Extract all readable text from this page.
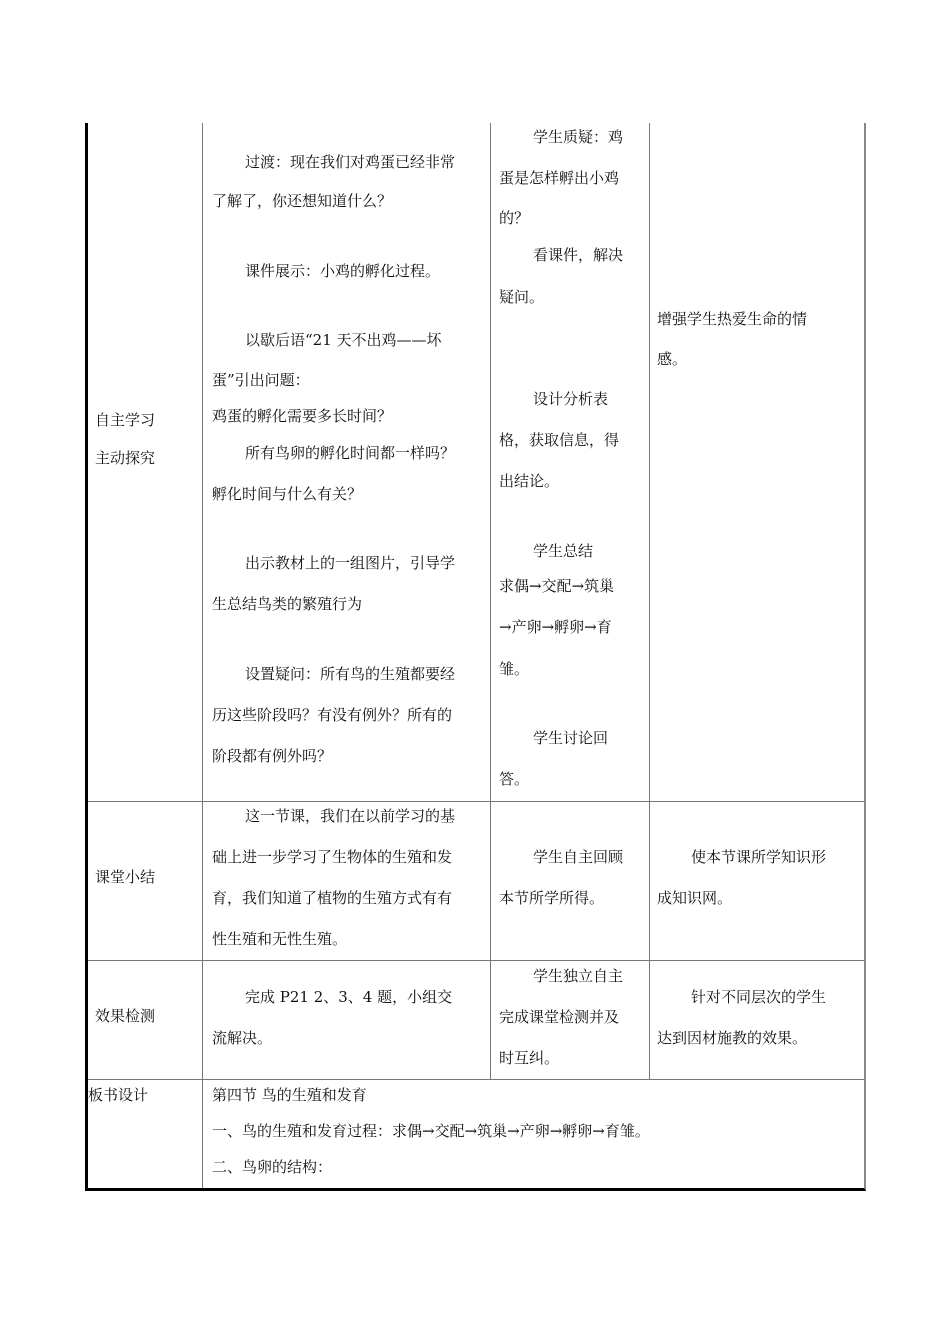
自主学习
主动探究
过渡：现在我们对鸡蛋已经非常
了解了，你还想知道什么？
课件展示：小鸡的孵化过程。
以歇后语“21 天不出鸡——坏
蛋”引出问题：
鸡蛋的孵化需要多长时间？
所有鸟卵的孵化时间都一样吗？
孵化时间与什么有关？
出示教材上的一组图片，引导学
生总结鸟类的繁殖行为
设置疑问：所有鸟的生殖都要经
历这些阶段吗？有没有例外？所有的
阶段都有例外吗？
学生质疑：鸡
蛋是怎样孵出小鸡
的？
看课件，解决
疑问。
设计分析表
格，获取信息，得
出结论。
学生总结
求偶→交配→筑巢
→产卵→孵卵→育
雏。
学生讨论回
答。
增强学生热爱生命的情
感。
课堂小结
这一节课，我们在以前学习的基
础上进一步学习了生物体的生殖和发
育，我们知道了植物的生殖方式有有
性生殖和无性生殖。
学生自主回顾
本节所学所得。
使本节课所学知识形
成知识网。
效果检测
完成 P21 2、3、4 题，小组交
流解决。
学生独立自主
完成课堂检测并及
时互纠。
针对不同层次的学生
达到因材施教的效果。
板书设计	第四节 鸟的生殖和发育
一、鸟的生殖和发育过程：求偶→交配→筑巢→产卵→孵卵→育雏。
二、鸟卵的结构：
